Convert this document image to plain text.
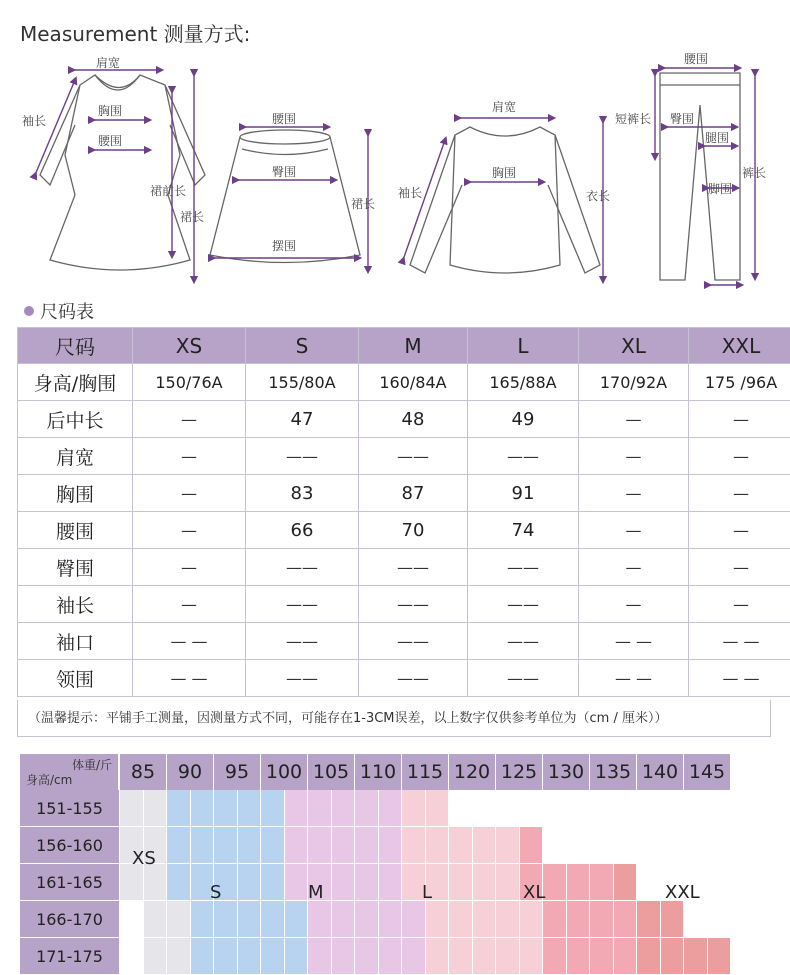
Measurement 测量方式:
肩宽
袖长
胸围
腰围
裙前长
裙长
腰围
臀围
裙长
摆围
肩宽
胸围
袖长	衣长
腰围
短裤长 臀围
腿围
裤长
脚围
尺码表
尺码	XS	S	M	L	XL	XXL
身高/胸围	150/76A	155/80A	160/84A	165/88A	170/92A	175 /96A
后中长	—	47	48	49	—	—
肩宽	—	——	——	——	—	—
胸围	—	83	87	91	—	—
腰围	—	66	70	74	—	—
臀围	—	——	——	——	—	—
袖长	—	——	——	——	—	—
袖口	— —	——	——	——	— —	— —
领围	— —	——	——	——	— —	— —
（温馨提示：平铺手工测量，因测量方式不同，可能存在1-3CM误差，以上数字仅供参考单位为（cm / 厘米））
体重/斤
身高/cm	85	90	95 100 105 110 115 120 125 130 135 140 145
151-155
156-160
161-165
166-170
171-175
XS
S	M	L	XL	XXL
